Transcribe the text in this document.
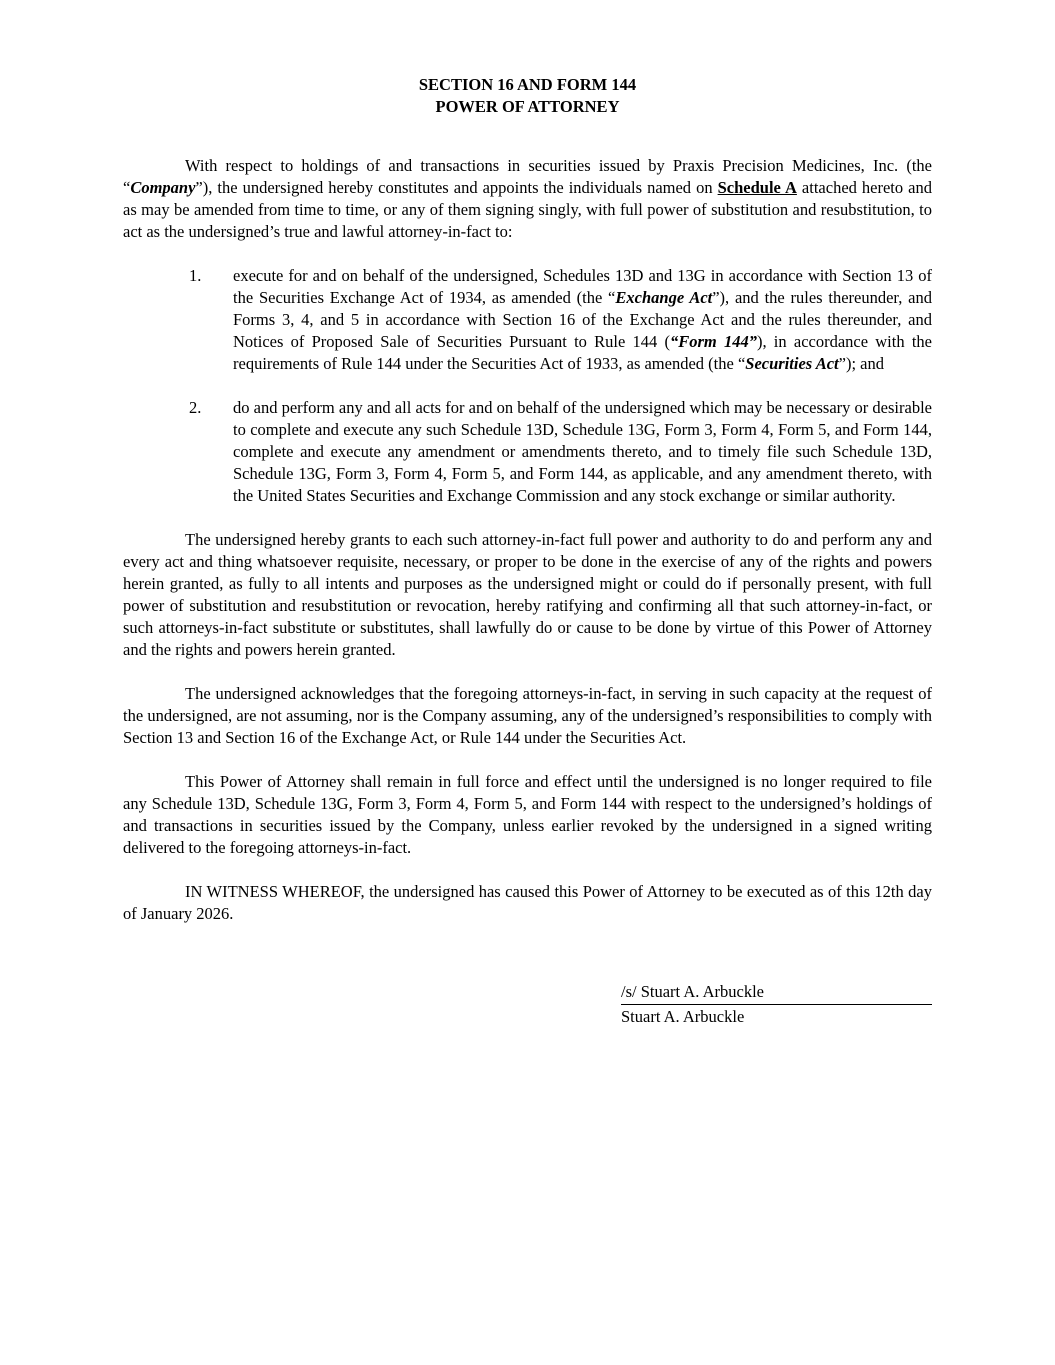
SECTION 16 AND FORM 144
POWER OF ATTORNEY

With respect to holdings of and transactions in securities issued by Praxis Precision Medicines, Inc. (the “Company”), the undersigned hereby constitutes and appoints the individuals named on Schedule A attached hereto and as may be amended from time to time, or any of them signing singly, with full power of substitution and resubstitution, to act as the undersigned’s true and lawful attorney-in-fact to:

1. execute for and on behalf of the undersigned, Schedules 13D and 13G in accordance with Section 13 of the Securities Exchange Act of 1934, as amended (the “Exchange Act”), and the rules thereunder, and Forms 3, 4, and 5 in accordance with Section 16 of the Exchange Act and the rules thereunder, and Notices of Proposed Sale of Securities Pursuant to Rule 144 (“Form 144”), in accordance with the requirements of Rule 144 under the Securities Act of 1933, as amended (the “Securities Act”); and
2. do and perform any and all acts for and on behalf of the undersigned which may be necessary or desirable to complete and execute any such Schedule 13D, Schedule 13G, Form 3, Form 4, Form 5, and Form 144, complete and execute any amendment or amendments thereto, and to timely file such Schedule 13D, Schedule 13G, Form 3, Form 4, Form 5, and Form 144, as applicable, and any amendment thereto, with the United States Securities and Exchange Commission and any stock exchange or similar authority.

The undersigned hereby grants to each such attorney-in-fact full power and authority to do and perform any and every act and thing whatsoever requisite, necessary, or proper to be done in the exercise of any of the rights and powers herein granted, as fully to all intents and purposes as the undersigned might or could do if personally present, with full power of substitution and resubstitution or revocation, hereby ratifying and confirming all that such attorney-in-fact, or such attorneys-in-fact substitute or substitutes, shall lawfully do or cause to be done by virtue of this Power of Attorney and the rights and powers herein granted.

The undersigned acknowledges that the foregoing attorneys-in-fact, in serving in such capacity at the request of the undersigned, are not assuming, nor is the Company assuming, any of the undersigned’s responsibilities to comply with Section 13 and Section 16 of the Exchange Act, or Rule 144 under the Securities Act.

This Power of Attorney shall remain in full force and effect until the undersigned is no longer required to file any Schedule 13D, Schedule 13G, Form 3, Form 4, Form 5, and Form 144 with respect to the undersigned’s holdings of and transactions in securities issued by the Company, unless earlier revoked by the undersigned in a signed writing delivered to the foregoing attorneys-in-fact.

IN WITNESS WHEREOF, the undersigned has caused this Power of Attorney to be executed as of this 12th day of January 2026.

/s/ Stuart A. Arbuckle
Stuart A. Arbuckle
